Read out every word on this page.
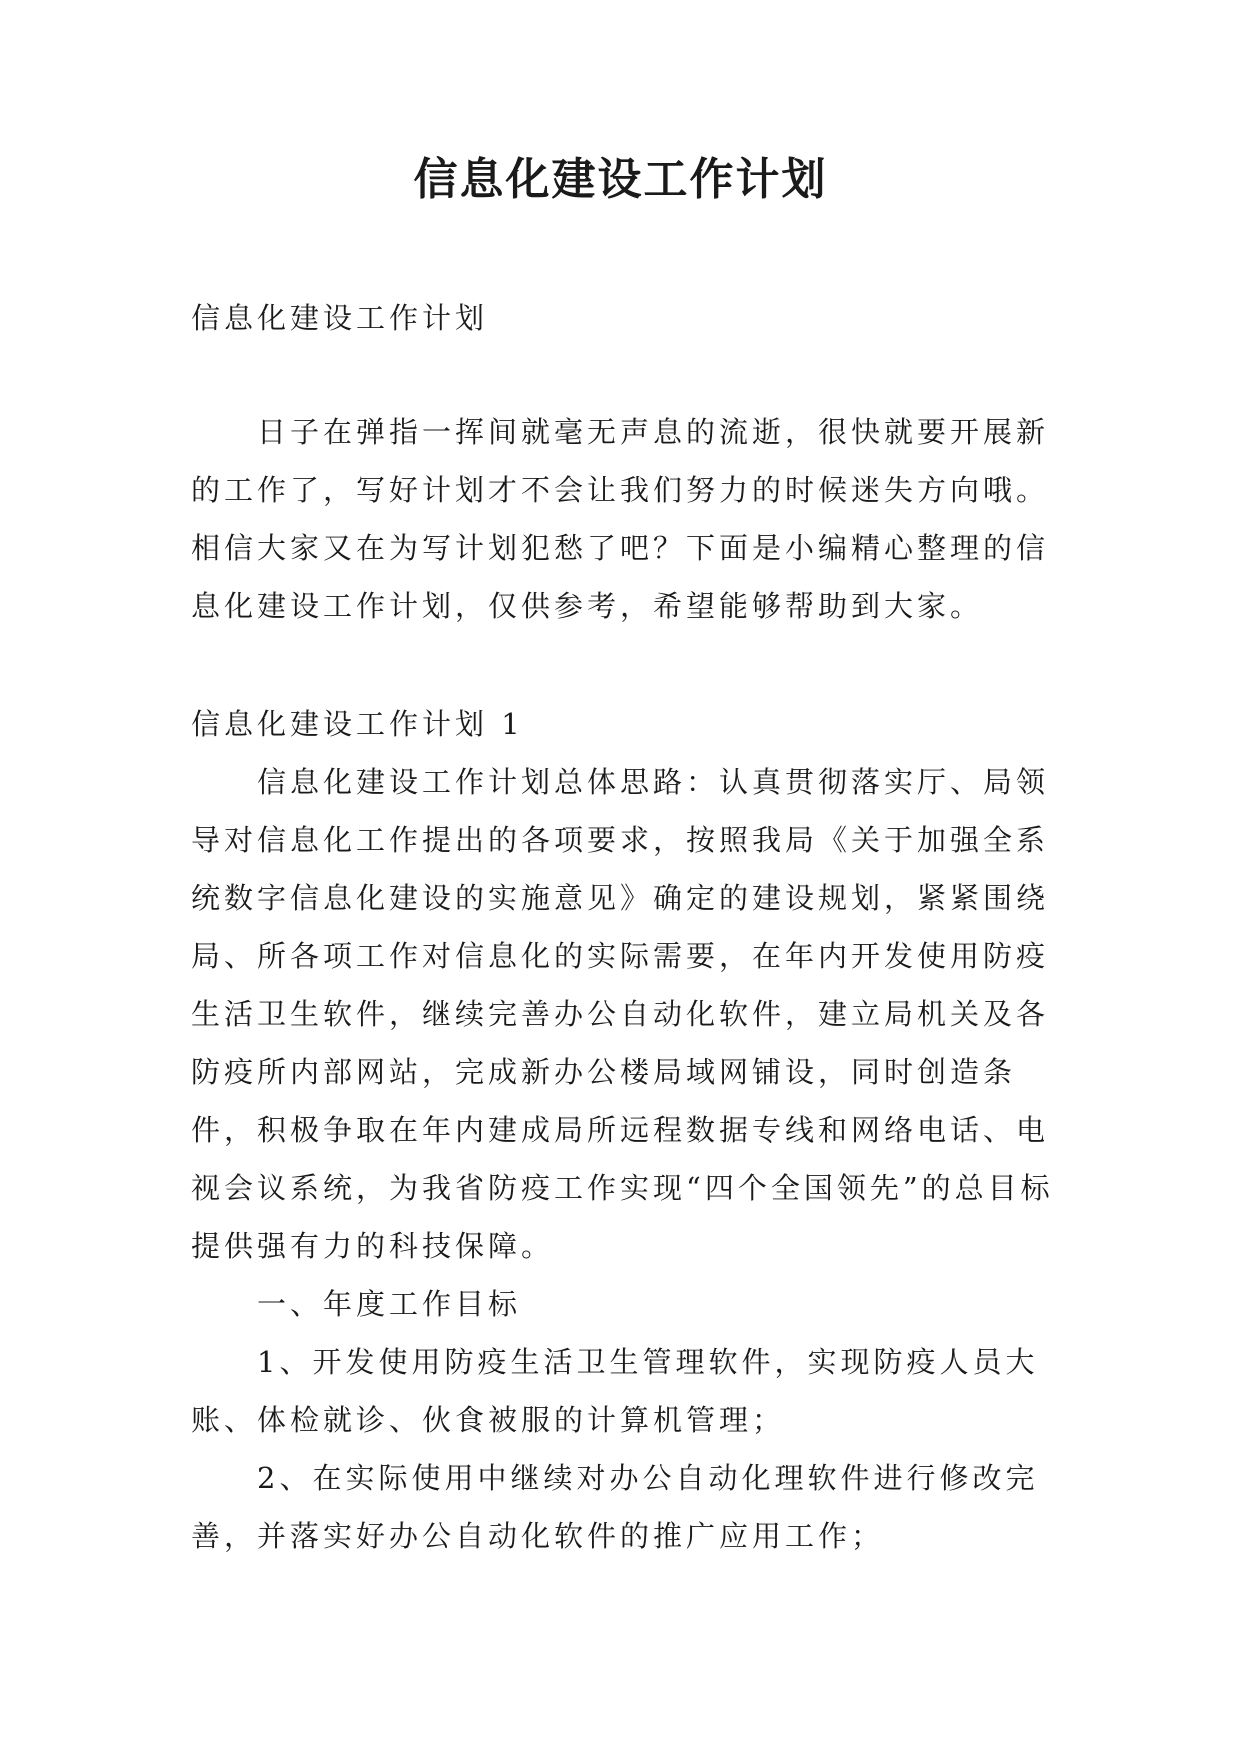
信息化建设工作计划

信息化建设工作计划

日子在弹指一挥间就毫无声息的流逝，很快就要开展新的工作了，写好计划才不会让我们努力的时候迷失方向哦。相信大家又在为写计划犯愁了吧？下面是小编精心整理的信息化建设工作计划，仅供参考，希望能够帮助到大家。

信息化建设工作计划 1

信息化建设工作计划总体思路：认真贯彻落实厅、局领导对信息化工作提出的各项要求，按照我局《关于加强全系统数字信息化建设的实施意见》确定的建设规划，紧紧围绕局、所各项工作对信息化的实际需要，在年内开发使用防疫生活卫生软件，继续完善办公自动化软件，建立局机关及各防疫所内部网站，完成新办公楼局域网铺设，同时创造条件，积极争取在年内建成局所远程数据专线和网络电话、电视会议系统，为我省防疫工作实现“四个全国领先”的总目标提供强有力的科技保障。

一、年度工作目标

1、开发使用防疫生活卫生管理软件，实现防疫人员大账、体检就诊、伙食被服的计算机管理；

2、在实际使用中继续对办公自动化理软件进行修改完善，并落实好办公自动化软件的推广应用工作；
